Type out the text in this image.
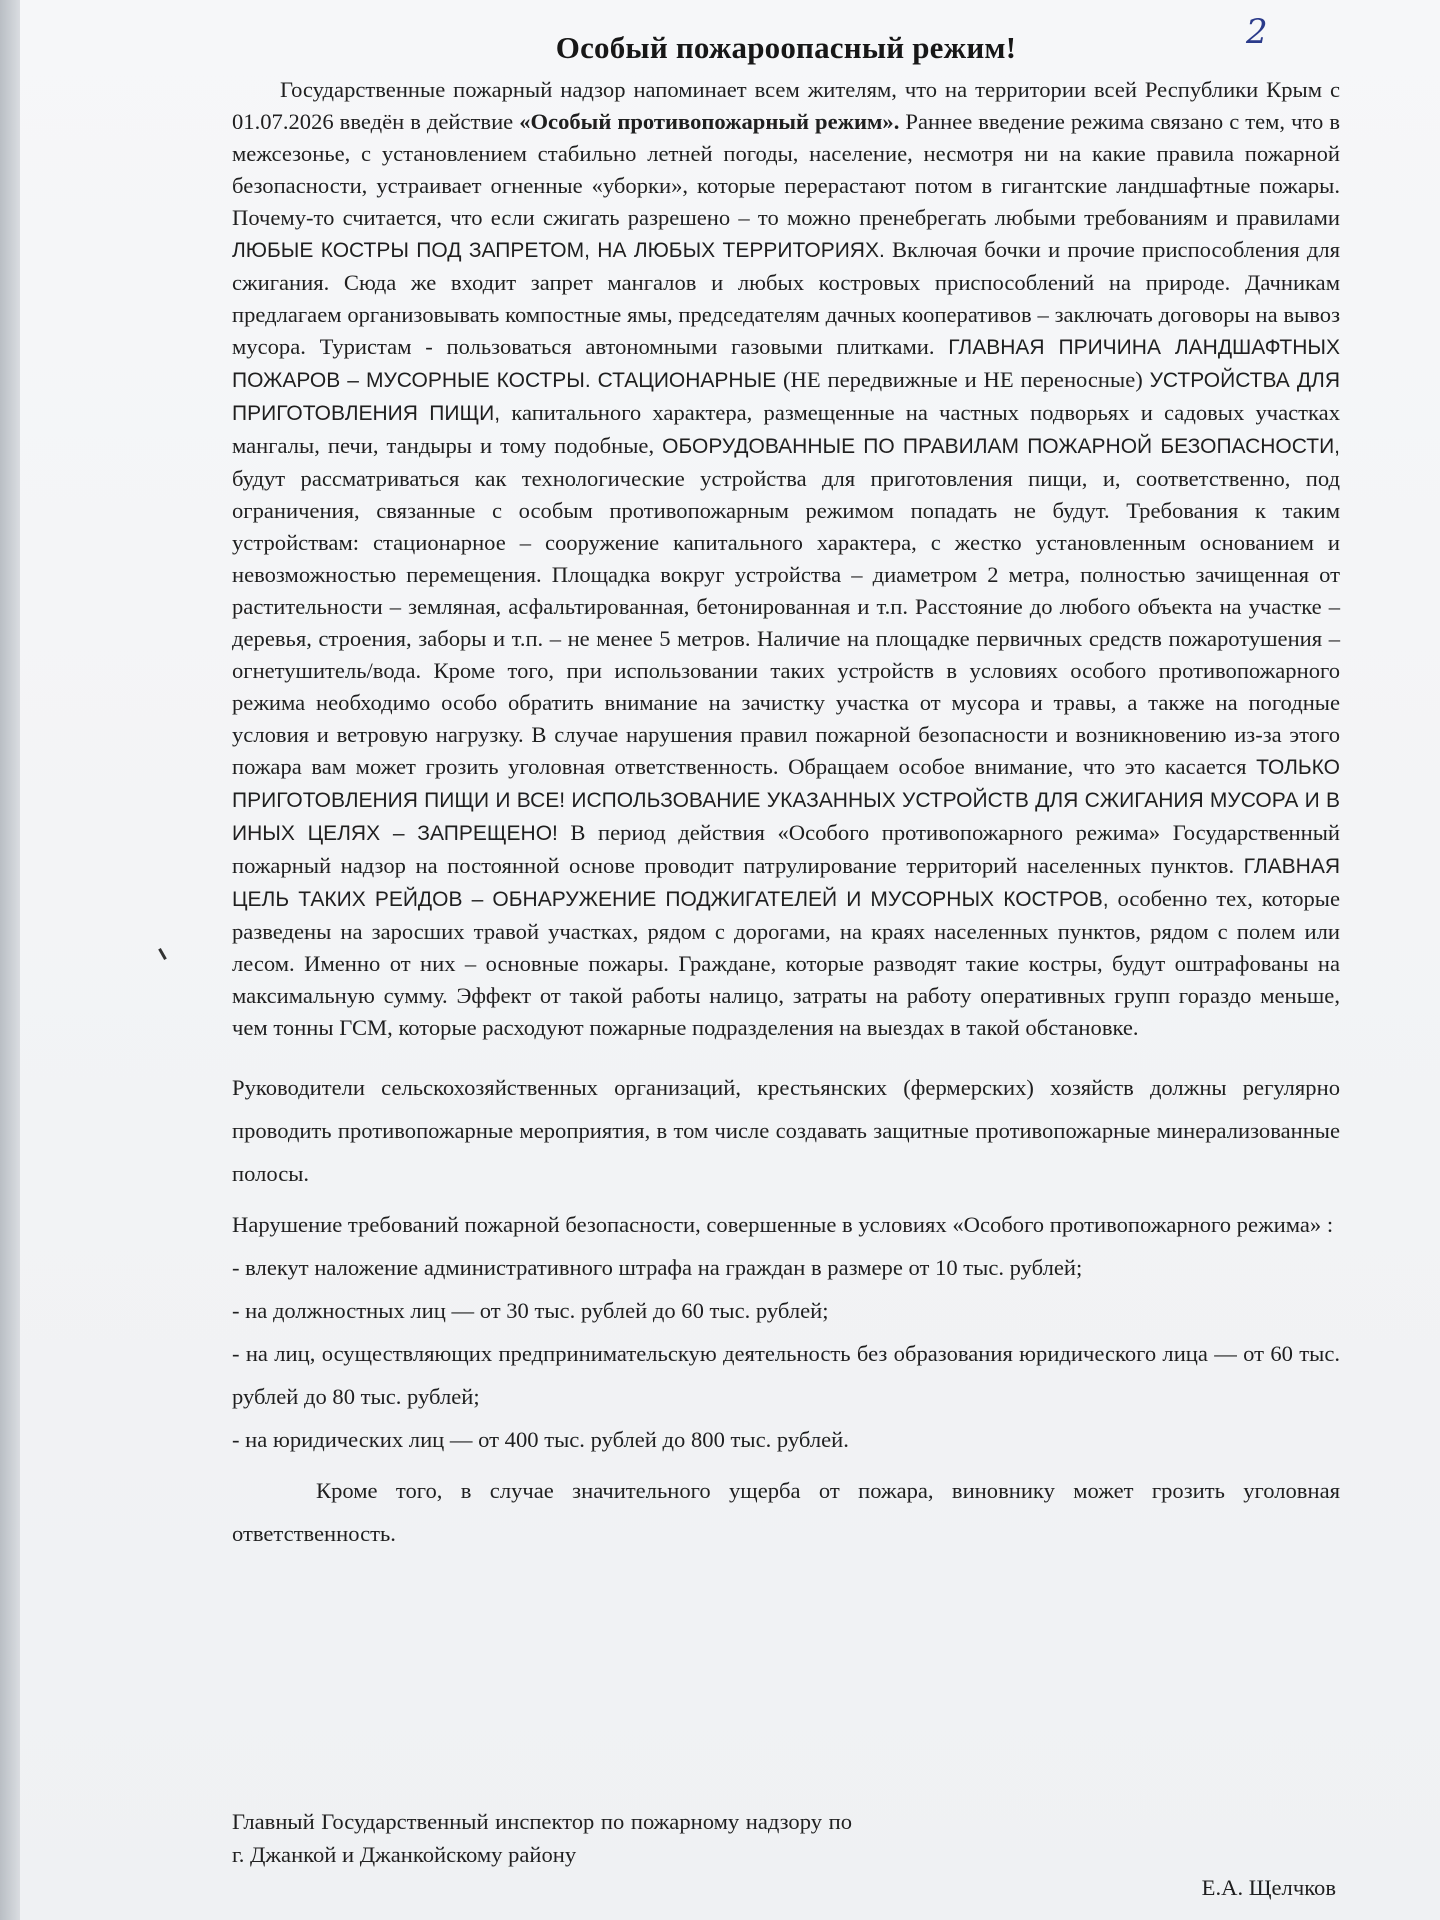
2
Особый пожароопасный режим!

Государственные пожарный надзор напоминает всем жителям, что на территории всей Республики Крым с 01.07.2026 введён в действие «Особый противопожарный режим». Раннее введение режима связано с тем, что в межсезонье, с установлением стабильно летней погоды, население, несмотря ни на какие правила пожарной безопасности, устраивает огненные «уборки», которые перерастают потом в гигантские ландшафтные пожары. Почему-то считается, что если сжигать разрешено – то можно пренебрегать любыми требованиям и правилами ЛЮБЫЕ КОСТРЫ ПОД ЗАПРЕТОМ, НА ЛЮБЫХ ТЕРРИТОРИЯХ. Включая бочки и прочие приспособления для сжигания. Сюда же входит запрет мангалов и любых костровых приспособлений на природе. Дачникам предлагаем организовывать компостные ямы, председателям дачных кооперативов – заключать договоры на вывоз мусора. Туристам - пользоваться автономными газовыми плитками. ГЛАВНАЯ ПРИЧИНА ЛАНДШАФТНЫХ ПОЖАРОВ – МУСОРНЫЕ КОСТРЫ. СТАЦИОНАРНЫЕ (НЕ передвижные и НЕ переносные) УСТРОЙСТВА ДЛЯ ПРИГОТОВЛЕНИЯ ПИЩИ, капитального характера, размещенные на частных подворьях и садовых участках мангалы, печи, тандыры и тому подобные, ОБОРУДОВАННЫЕ ПО ПРАВИЛАМ ПОЖАРНОЙ БЕЗОПАСНОСТИ, будут рассматриваться как технологические устройства для приготовления пищи, и, соответственно, под ограничения, связанные с особым противопожарным режимом попадать не будут. Требования к таким устройствам: стационарное – сооружение капитального характера, с жестко установленным основанием и невозможностью перемещения. Площадка вокруг устройства – диаметром 2 метра, полностью зачищенная от растительности – земляная, асфальтированная, бетонированная и т.п. Расстояние до любого объекта на участке – деревья, строения, заборы и т.п. – не менее 5 метров. Наличие на площадке первичных средств пожаротушения – огнетушитель/вода. Кроме того, при использовании таких устройств в условиях особого противопожарного режима необходимо особо обратить внимание на зачистку участка от мусора и травы, а также на погодные условия и ветровую нагрузку. В случае нарушения правил пожарной безопасности и возникновению из-за этого пожара вам может грозить уголовная ответственность. Обращаем особое внимание, что это касается ТОЛЬКО ПРИГОТОВЛЕНИЯ ПИЩИ И ВСЕ! ИСПОЛЬЗОВАНИЕ УКАЗАННЫХ УСТРОЙСТВ ДЛЯ СЖИГАНИЯ МУСОРА И В ИНЫХ ЦЕЛЯХ – ЗАПРЕЩЕНО! В период действия «Особого противопожарного режима» Государственный пожарный надзор на постоянной основе проводит патрулирование территорий населенных пунктов. ГЛАВНАЯ ЦЕЛЬ ТАКИХ РЕЙДОВ – ОБНАРУЖЕНИЕ ПОДЖИГАТЕЛЕЙ И МУСОРНЫХ КОСТРОВ, особенно тех, которые разведены на заросших травой участках, рядом с дорогами, на краях населенных пунктов, рядом с полем или лесом. Именно от них – основные пожары. Граждане, которые разводят такие костры, будут оштрафованы на максимальную сумму. Эффект от такой работы налицо, затраты на работу оперативных групп гораздо меньше, чем тонны ГСМ, которые расходуют пожарные подразделения на выездах в такой обстановке.

Руководители сельскохозяйственных организаций, крестьянских (фермерских) хозяйств должны регулярно проводить противопожарные мероприятия, в том числе создавать защитные противопожарные минерализованные полосы.

Нарушение требований пожарной безопасности, совершенные в условиях «Особого противопожарного режима» :

- влекут наложение административного штрафа на граждан в размере от 10 тыс. рублей;
- на должностных лиц — от 30 тыс. рублей до 60 тыс. рублей;
- на лиц, осуществляющих предпринимательскую деятельность без образования юридического лица — от 60 тыс. рублей до 80 тыс. рублей;
- на юридических лиц — от 400 тыс. рублей до 800 тыс. рублей.

Кроме того, в случае значительного ущерба от пожара, виновнику может грозить уголовная ответственность.

Главный Государственный инспектор по пожарному надзору по г. Джанкой и Джанкойскому району
Е.А. Щелчков
